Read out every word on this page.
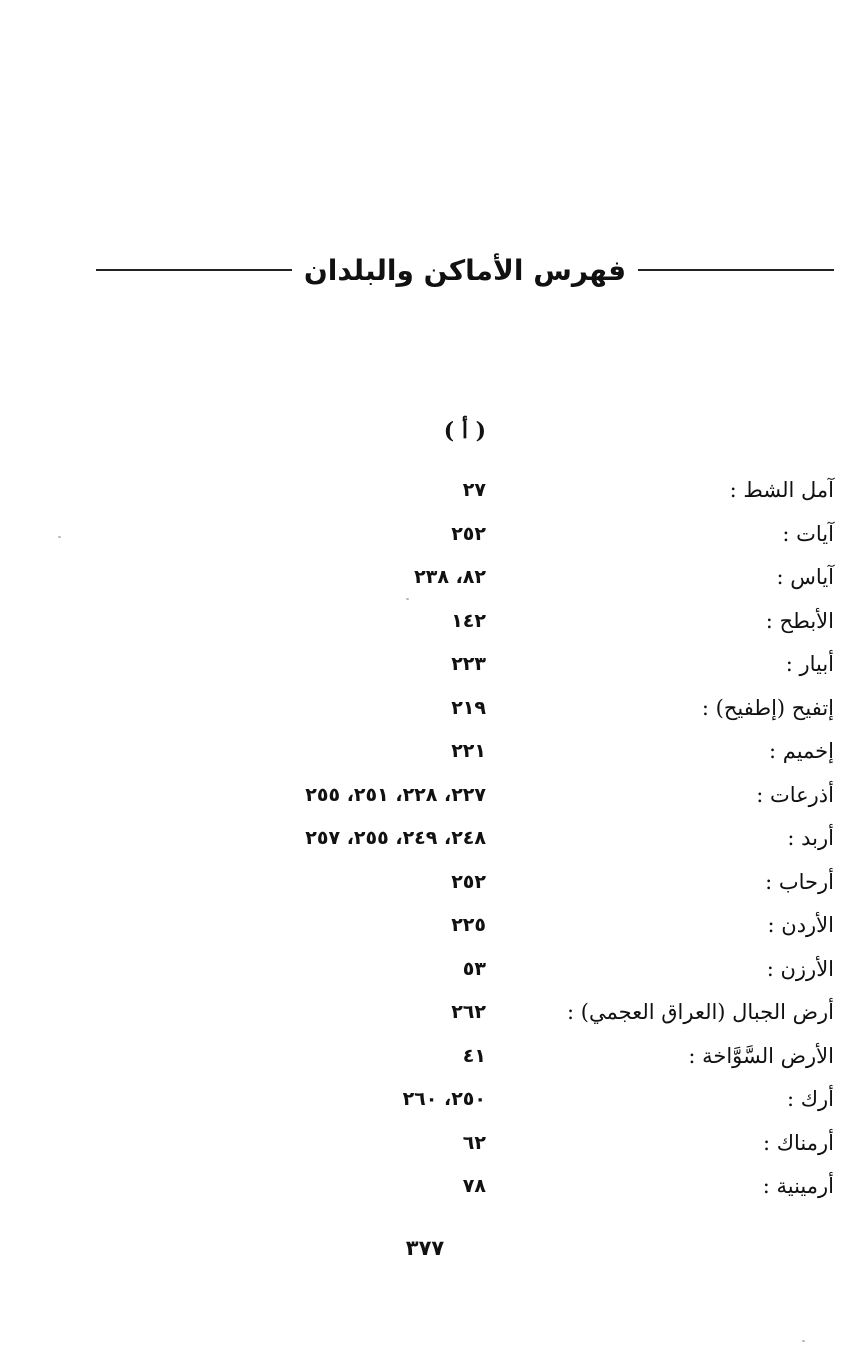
فهرس الأماكن والبلدان
( أ )
آمل الشط :
٢٧
آيات :
٢٥٢
آياس :
٨٢، ٢٣٨
الأبطح :
١٤٢
أبيار :
٢٢٣
إتفيح (إطفيح) :
٢١٩
إخميم :
٢٢١
أذرعات :
٢٢٧، ٢٢٨، ٢٥١، ٢٥٥
أربد :
٢٤٨، ٢٤٩، ٢٥٥، ٢٥٧
أرحاب :
٢٥٢
الأردن :
٢٢٥
الأرزن :
٥٣
أرض الجبال (العراق العجمي) :
٢٦٢
الأرض السَّوَّاخة :
٤١
أرك :
٢٥٠، ٢٦٠
أرمناك :
٦٢
أرمينية :
٧٨
٣٧٧
